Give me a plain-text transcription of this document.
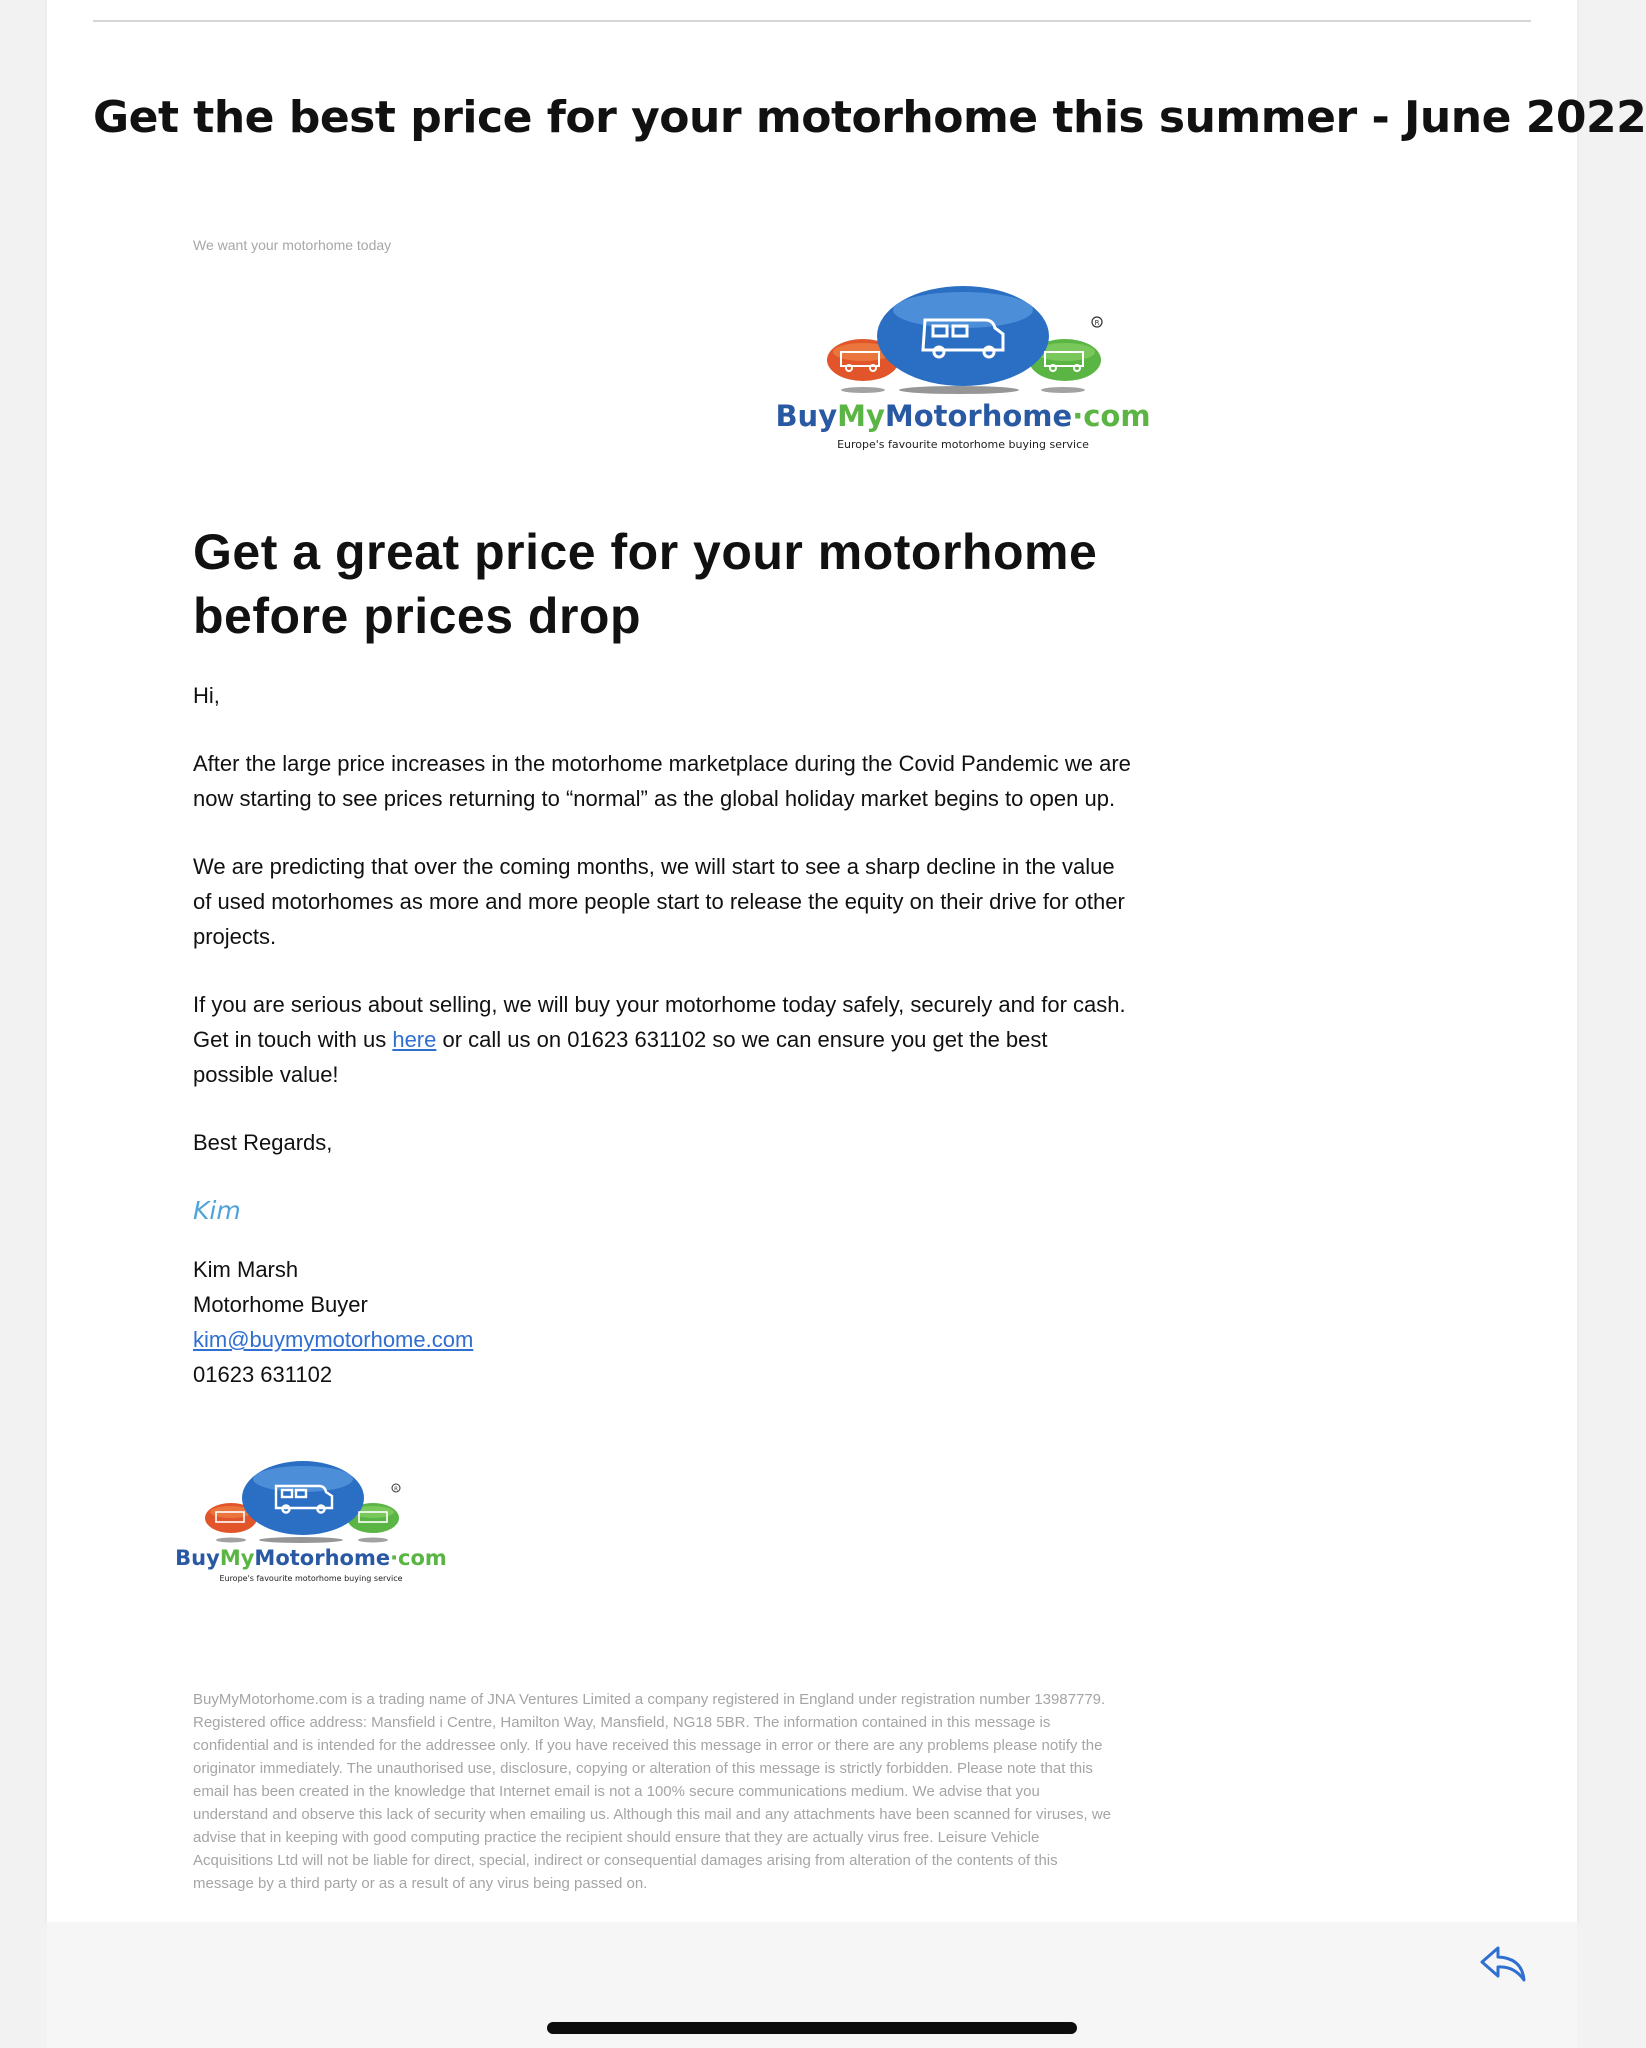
Get the best price for your motorhome this summer - June 2022
We want your motorhome today
R
BuyMyMotorhome·com
Europe's favourite motorhome buying service
Get a great price for your motorhome before prices drop

Hi,

After the large price increases in the motorhome marketplace during the Covid Pandemic we are now starting to see prices returning to “normal” as the global holiday market begins to open up.

We are predicting that over the coming months, we will start to see a sharp decline in the value of used motorhomes as more and more people start to release the equity on their drive for other projects.

If you are serious about selling, we will buy your motorhome today safely, securely and for cash. Get in touch with us here or call us on 01623 631102 so we can ensure you get the best possible value!

Best Regards,

Kim
Kim Marsh
Motorhome Buyer
kim@buymymotorhome.com
01623 631102
R
BuyMyMotorhome·com
Europe's favourite motorhome buying service

BuyMyMotorhome.com is a trading name of JNA Ventures Limited a company registered in England under registration number 13987779. Registered office address: Mansfield i Centre, Hamilton Way, Mansfield, NG18 5BR. The information contained in this message is confidential and is intended for the addressee only. If you have received this message in error or there are any problems please notify the originator immediately. The unauthorised use, disclosure, copying or alteration of this message is strictly forbidden. Please note that this email has been created in the knowledge that Internet email is not a 100% secure communications medium. We advise that you understand and observe this lack of security when emailing us. Although this mail and any attachments have been scanned for viruses, we advise that in keeping with good computing practice the recipient should ensure that they are actually virus free. Leisure Vehicle Acquisitions Ltd will not be liable for direct, special, indirect or consequential damages arising from alteration of the contents of this message by a third party or as a result of any virus being passed on.
